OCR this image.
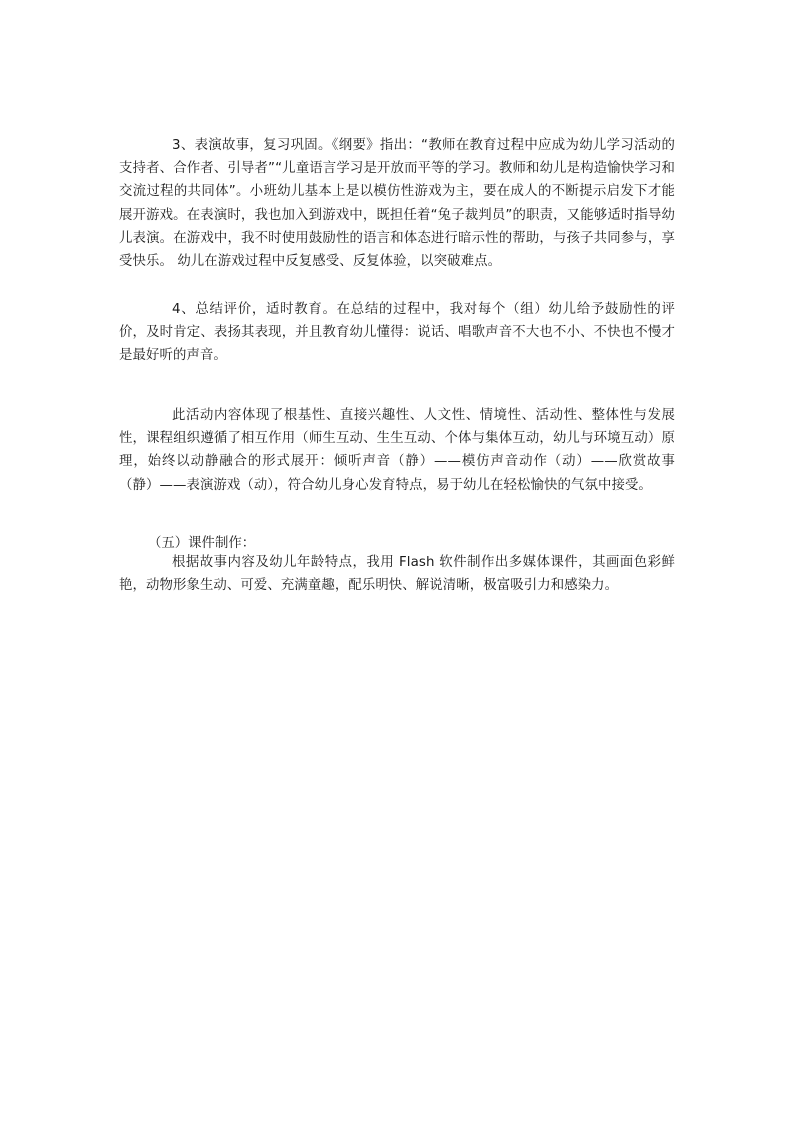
3、表演故事，复习巩固。《纲要》指出：“教师在教育过程中应成为幼儿学习活动的支持者、合作者、引导者”“儿童语言学习是开放而平等的学习。教师和幼儿是构造愉快学习和交流过程的共同体”。小班幼儿基本上是以模仿性游戏为主，要在成人的不断提示启发下才能展开游戏。在表演时，我也加入到游戏中，既担任着“兔子裁判员”的职责，又能够适时指导幼儿表演。在游戏中，我不时使用鼓励性的语言和体态进行暗示性的帮助，与孩子共同参与，享受快乐。 幼儿在游戏过程中反复感受、反复体验，以突破难点。

4、总结评价，适时教育。在总结的过程中，我对每个（组）幼儿给予鼓励性的评价，及时肯定、表扬其表现，并且教育幼儿懂得：说话、唱歌声音不大也不小、不快也不慢才是最好听的声音。

此活动内容体现了根基性、直接兴趣性、人文性、情境性、活动性、整体性与发展性，课程组织遵循了相互作用（师生互动、生生互动、个体与集体互动，幼儿与环境互动）原理，始终以动静融合的形式展开：倾听声音（静）——模仿声音动作（动）——欣赏故事（静）——表演游戏（动），符合幼儿身心发育特点，易于幼儿在轻松愉快的气氛中接受。

（五）课件制作：

根据故事内容及幼儿年龄特点，我用 Flash 软件制作出多媒体课件，其画面色彩鲜艳，动物形象生动、可爱、充满童趣，配乐明快、解说清晰，极富吸引力和感染力。
